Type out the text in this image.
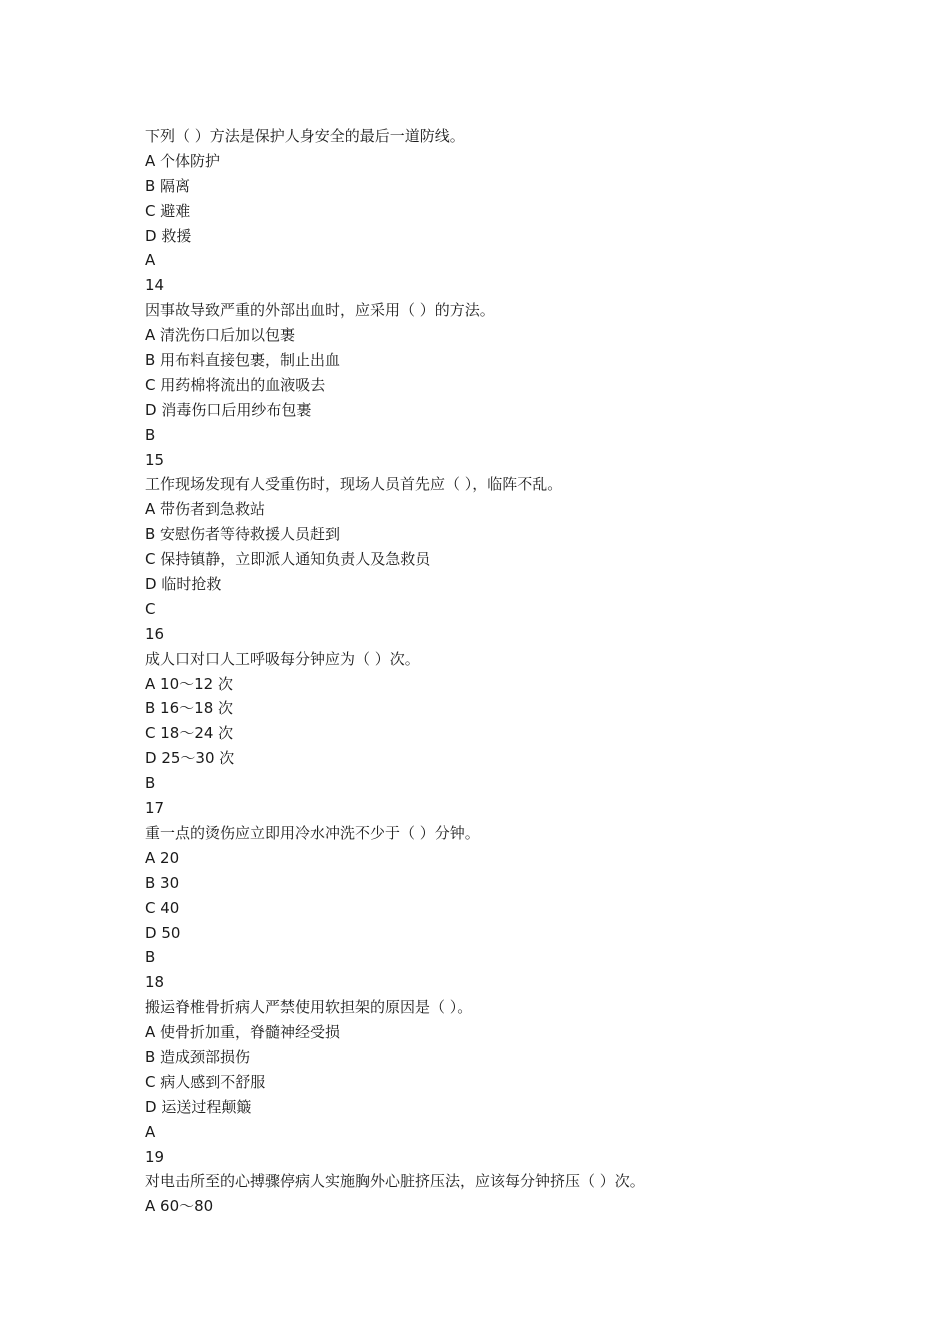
下列（ ）方法是保护人身安全的最后一道防线。
A 个体防护
B 隔离
C 避难
D 救援
A
14
因事故导致严重的外部出血时，应采用（ ）的方法。
A 清洗伤口后加以包裹
B 用布料直接包裹，制止出血
C 用药棉将流出的血液吸去
D 消毒伤口后用纱布包裹
B
15
工作现场发现有人受重伤时，现场人员首先应（ ），临阵不乱。
A 带伤者到急救站
B 安慰伤者等待救援人员赶到
C 保持镇静，立即派人通知负责人及急救员
D 临时抢救
C
16
成人口对口人工呼吸每分钟应为（ ）次。
A 10～12 次
B 16～18 次
C 18～24 次
D 25～30 次
B
17
重一点的烫伤应立即用冷水冲洗不少于（ ）分钟。
A 20
B 30
C 40
D 50
B
18
搬运脊椎骨折病人严禁使用软担架的原因是（ ）。
A 使骨折加重，脊髓神经受损
B 造成颈部损伤
C 病人感到不舒服
D 运送过程颠簸
A
19
对电击所至的心搏骤停病人实施胸外心脏挤压法，应该每分钟挤压（ ）次。
A 60～80
